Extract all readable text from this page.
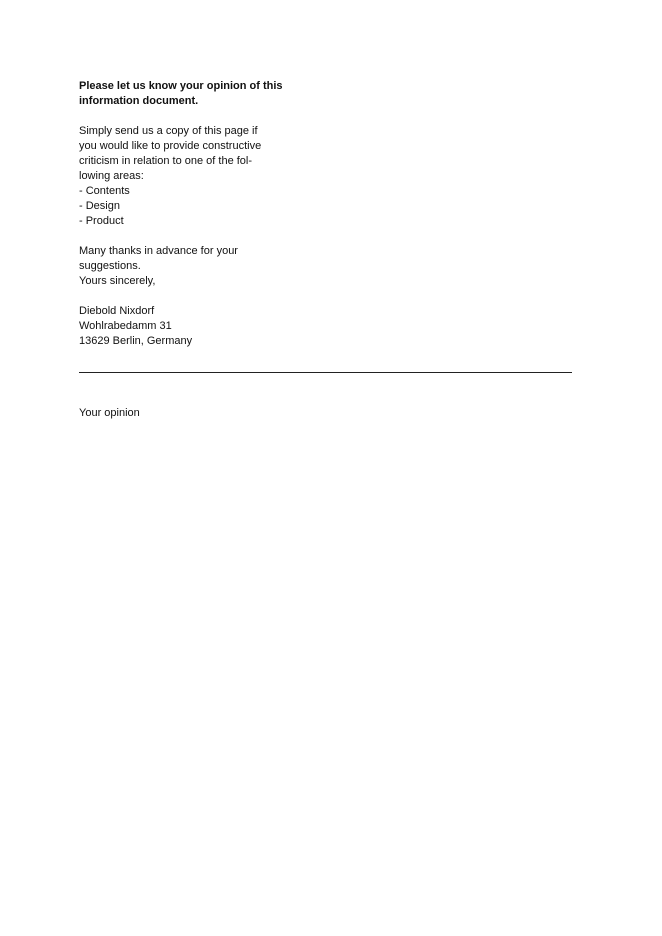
Please let us know your opinion of this
information document.
Simply send us a copy of this page if
you would like to provide constructive
criticism in relation to one of the fol-
lowing areas:
- Contents
- Design
- Product
Many thanks in advance for your
suggestions.
Yours sincerely,
Diebold Nixdorf
Wohlrabedamm 31
13629 Berlin, Germany
Your opinion
